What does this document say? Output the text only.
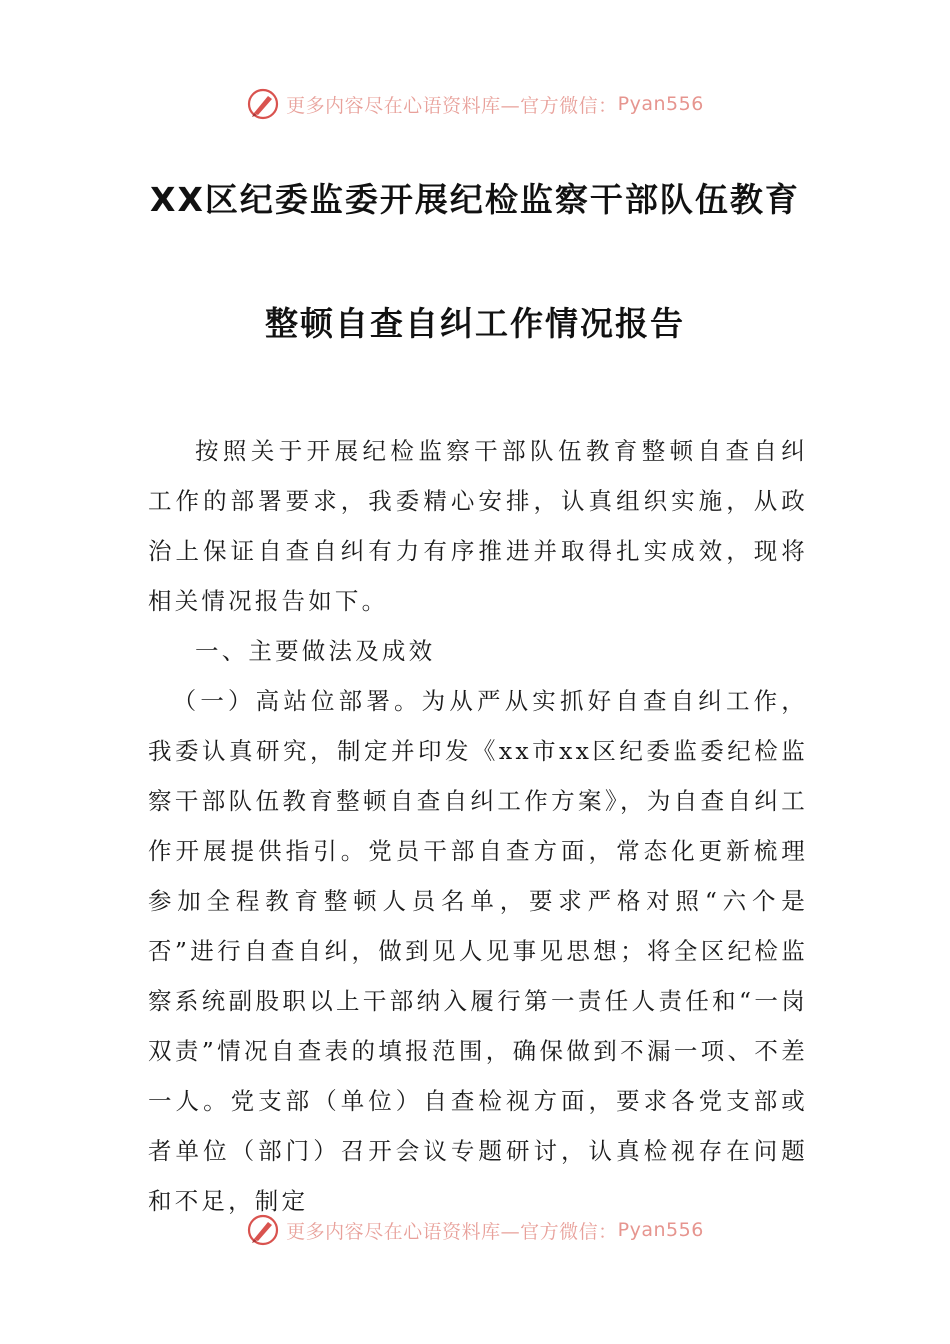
更多内容尽在心语资料库—官方微信： Pyan556
XX区纪委监委开展纪检监察干部队伍教育
整顿自查自纠工作情况报告

按照关于开展纪检监察干部队伍教育整顿自查自纠工作的部署要求，我委精心安排，认真组织实施，从政治上保证自查自纠有力有序推进并取得扎实成效，现将相关情况报告如下。

一、主要做法及成效

（一）高站位部署。为从严从实抓好自查自纠工作，我委认真研究，制定并印发《xx市xx区纪委监委纪检监察干部队伍教育整顿自查自纠工作方案》，为自查自纠工作开展提供指引。党员干部自查方面，常态化更新梳理参加全程教育整顿人员名单，要求严格对照“六个是否”进行自查自纠，做到见人见事见思想；将全区纪检监察系统副股职以上干部纳入履行第一责任人责任和“一岗双责”情况自查表的填报范围，确保做到不漏一项、不差一人。党支部（单位）自查检视方面，要求各党支部或者单位（部门）召开会议专题研讨，认真检视存在问题和不足，制定

更多内容尽在心语资料库—官方微信： Pyan556
